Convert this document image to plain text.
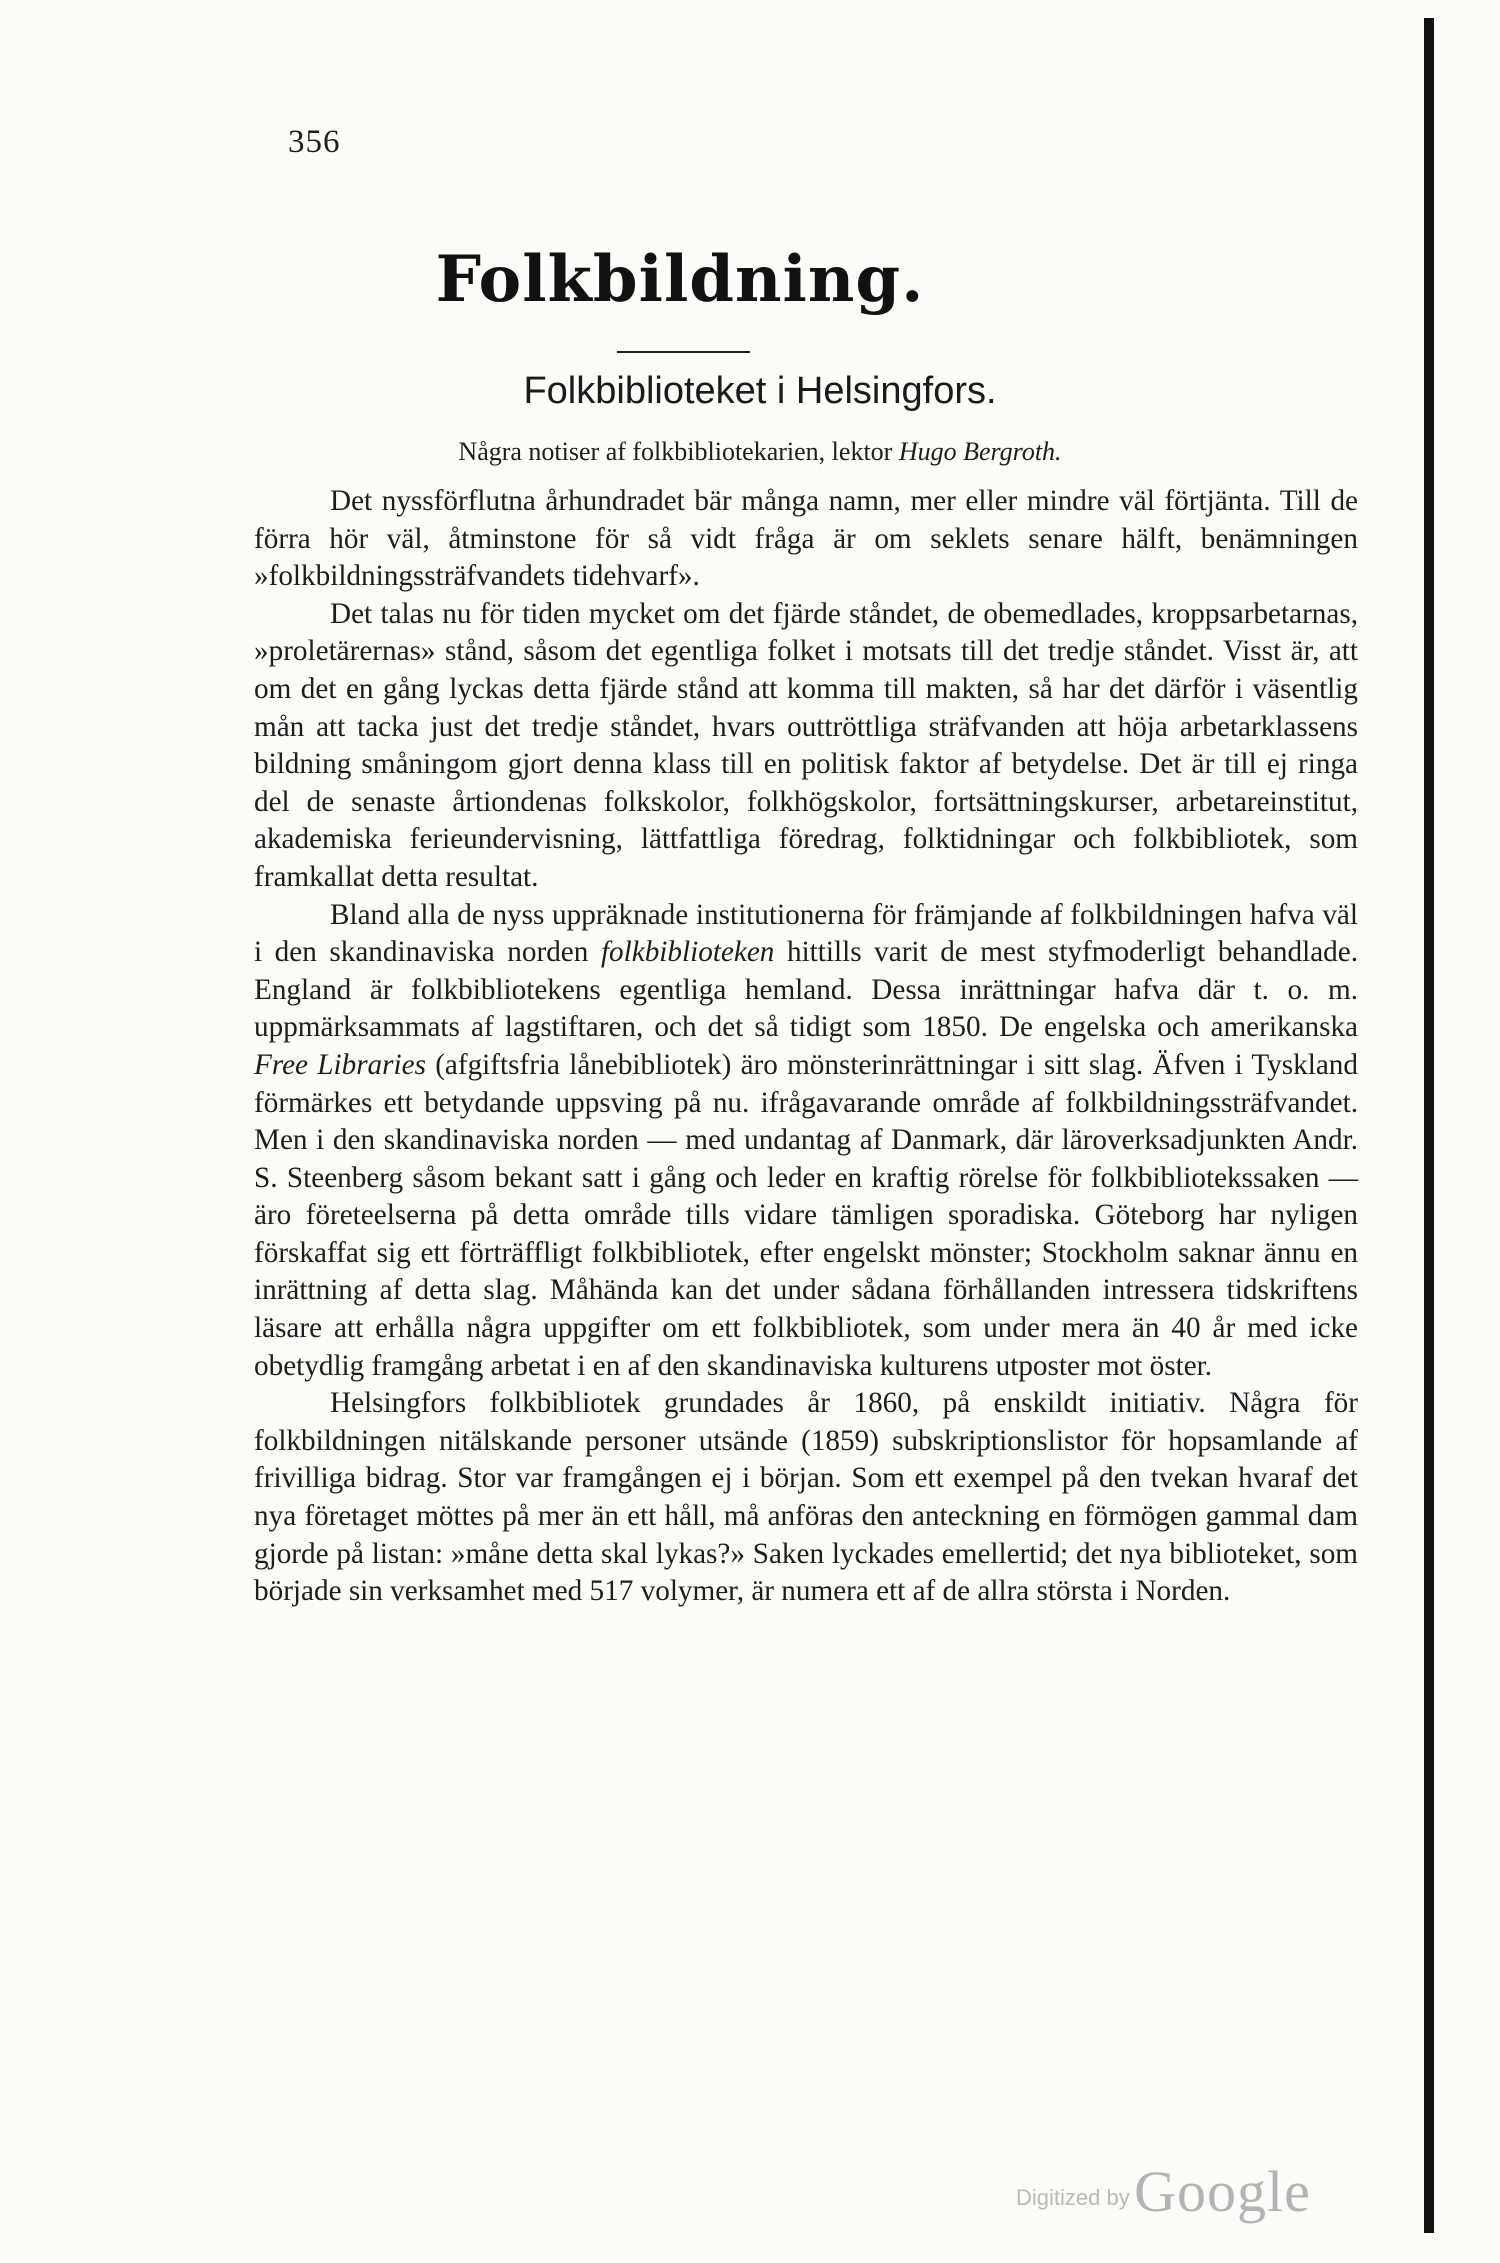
356
Folkbildning.
Folkbiblioteket i Helsingfors.
Några notiser af folkbibliotekarien, lektor Hugo Bergroth.

Det nyssförflutna århundradet bär många namn, mer eller mindre väl förtjänta. Till de förra hör väl, åtminstone för så vidt fråga är om seklets senare hälft, benämningen »folkbildningssträfvandets tidehvarf».

Det talas nu för tiden mycket om det fjärde ståndet, de obemedlades, kroppsarbetarnas, »proletärernas» stånd, såsom det egentliga folket i motsats till det tredje ståndet. Visst är, att om det en gång lyckas detta fjärde stånd att komma till makten, så har det därför i väsentlig mån att tacka just det tredje ståndet, hvars outtröttliga sträfvanden att höja arbetarklassens bildning småningom gjort denna klass till en politisk faktor af betydelse. Det är till ej ringa del de senaste årtiondenas folkskolor, folkhögskolor, fortsättningskurser, arbetareinstitut, akademiska ferieundervisning, lättfattliga föredrag, folktidningar och folkbibliotek, som framkallat detta resultat.

Bland alla de nyss uppräknade institutionerna för främjande af folkbildningen hafva väl i den skandinaviska norden folkbiblioteken hittills varit de mest styfmoderligt behandlade. England är folkbibliotekens egentliga hemland. Dessa inrättningar hafva där t. o. m. uppmärksammats af lagstiftaren, och det så tidigt som 1850. De engelska och amerikanska Free Libraries (afgiftsfria lånebibliotek) äro mönsterinrättningar i sitt slag. Äfven i Tyskland förmärkes ett betydande uppsving på nu. ifrågavarande område af folkbildningssträfvandet. Men i den skandinaviska norden — med undantag af Danmark, där läroverksadjunkten Andr. S. Steenberg såsom bekant satt i gång och leder en kraftig rörelse för folkbibliotekssaken — äro företeelserna på detta område tills vidare tämligen sporadiska. Göteborg har nyligen förskaffat sig ett förträffligt folkbibliotek, efter engelskt mönster; Stockholm saknar ännu en inrättning af detta slag. Måhända kan det under sådana förhållanden intressera tidskriftens läsare att erhålla några uppgifter om ett folkbibliotek, som under mera än 40 år med icke obetydlig framgång arbetat i en af den skandinaviska kulturens utposter mot öster.

Helsingfors folkbibliotek grundades år 1860, på enskildt initiativ. Några för folkbildningen nitälskande personer utsände (1859) subskriptionslistor för hopsamlande af frivilliga bidrag. Stor var framgången ej i början. Som ett exempel på den tvekan hvaraf det nya företaget möttes på mer än ett håll, må anföras den anteckning en förmögen gammal dam gjorde på listan: »måne detta skal lykas?» Saken lyckades emellertid; det nya biblioteket, som började sin verksamhet med 517 volymer, är numera ett af de allra största i Norden.

Digitized by Google
